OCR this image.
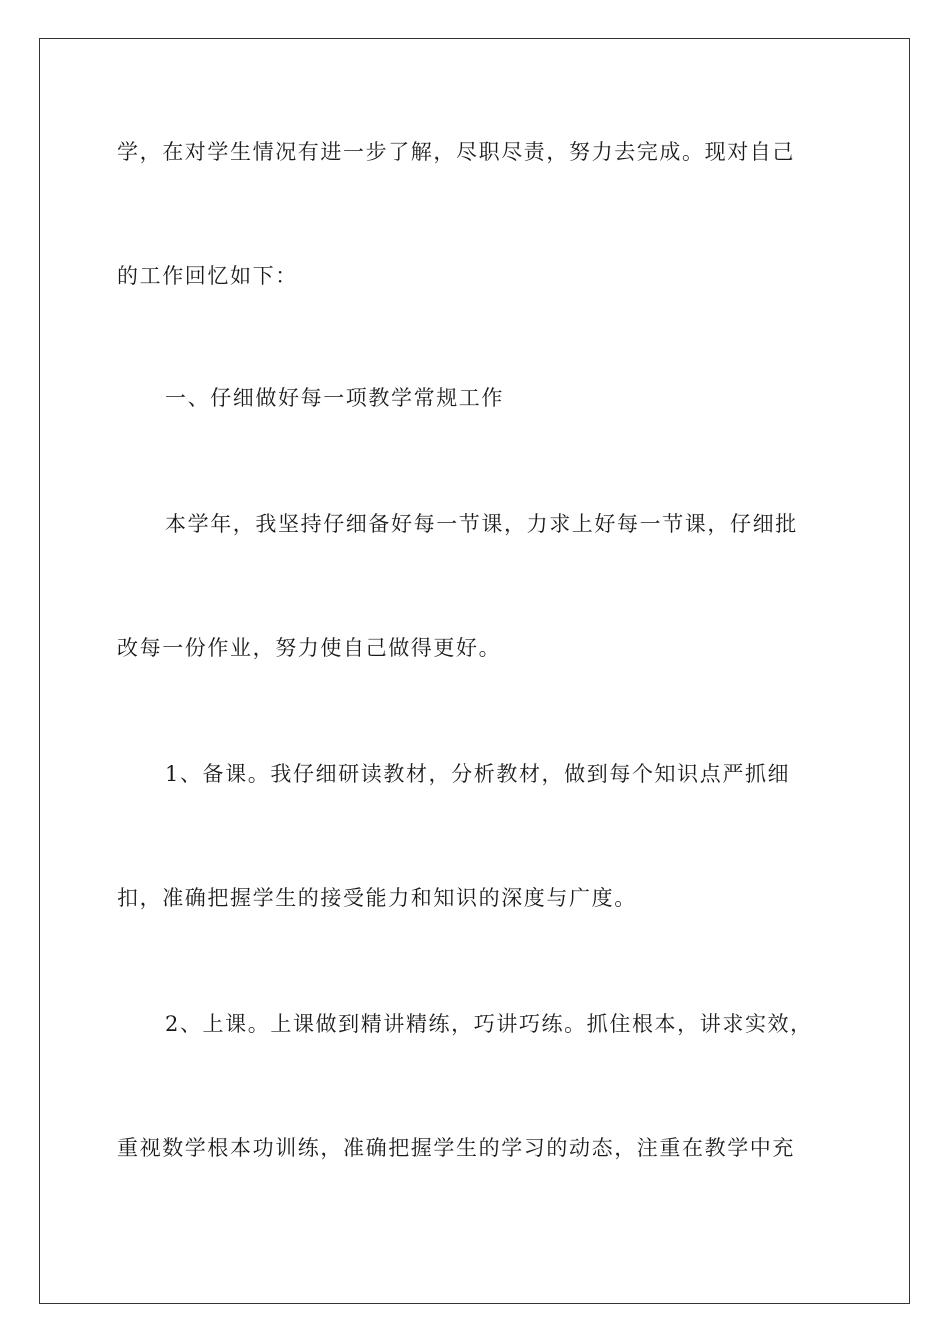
学，在对学生情况有进一步了解，尽职尽责，努力去完成。现对自己

的工作回忆如下：

一、仔细做好每一项教学常规工作

本学年，我坚持仔细备好每一节课，力求上好每一节课，仔细批

改每一份作业，努力使自己做得更好。

1、备课。我仔细研读教材，分析教材，做到每个知识点严抓细

扣，准确把握学生的接受能力和知识的深度与广度。

2、上课。上课做到精讲精练，巧讲巧练。抓住根本，讲求实效，

重视数学根本功训练，准确把握学生的学习的动态，注重在教学中充
